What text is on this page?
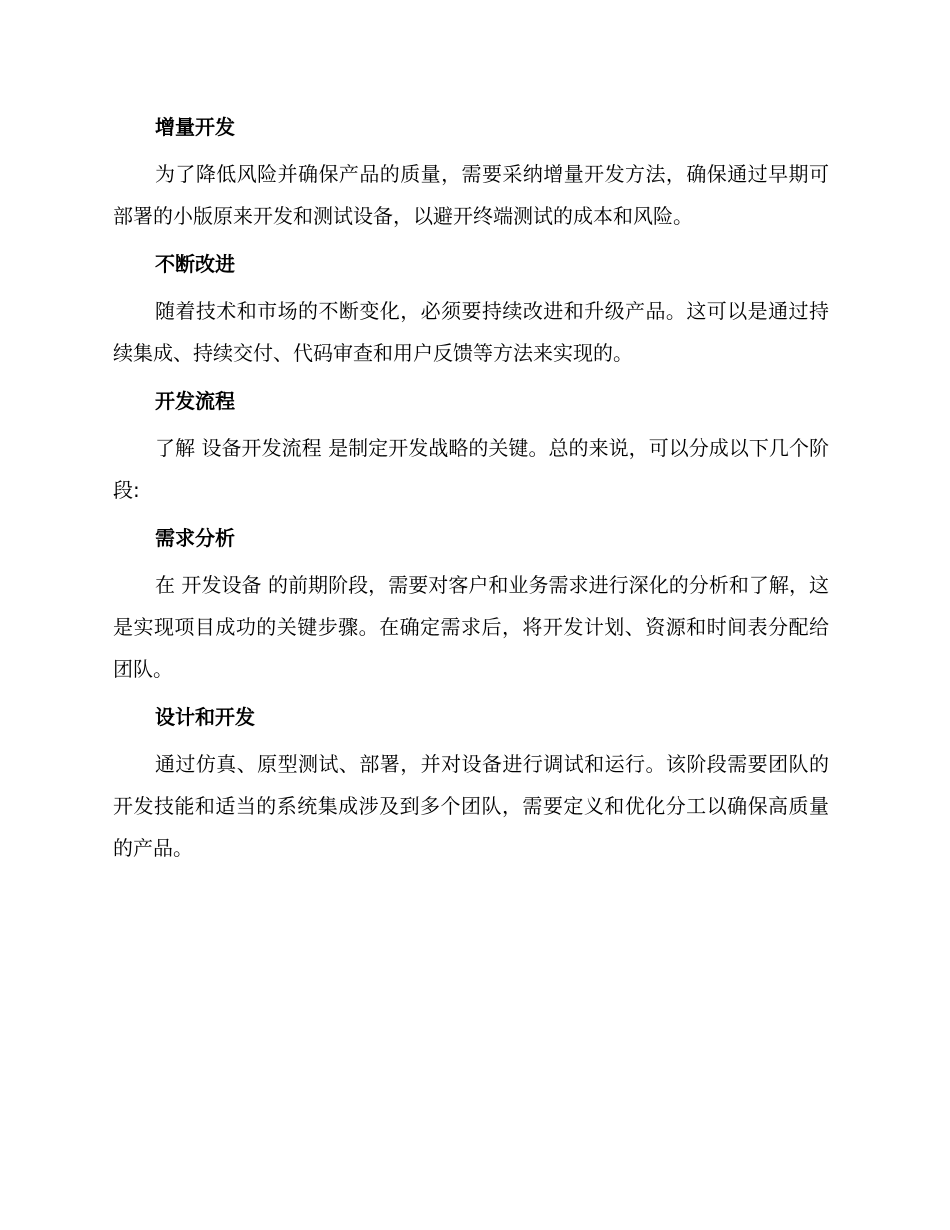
增量开发

为了降低风险并确保产品的质量，需要采纳增量开发方法，确保通过早期可部署的小版原来开发和测试设备，以避开终端测试的成本和风险。

不断改进

随着技术和市场的不断变化，必须要持续改进和升级产品。这可以是通过持续集成、持续交付、代码审查和用户反馈等方法来实现的。

开发流程

了解 设备开发流程 是制定开发战略的关键。总的来说，可以分成以下几个阶段:

需求分析

在 开发设备 的前期阶段，需要对客户和业务需求进行深化的分析和了解，这是实现项目成功的关键步骤。在确定需求后，将开发计划、资源和时间表分配给团队。

设计和开发

通过仿真、原型测试、部署，并对设备进行调试和运行。该阶段需要团队的开发技能和适当的系统集成涉及到多个团队，需要定义和优化分工以确保高质量的产品。
